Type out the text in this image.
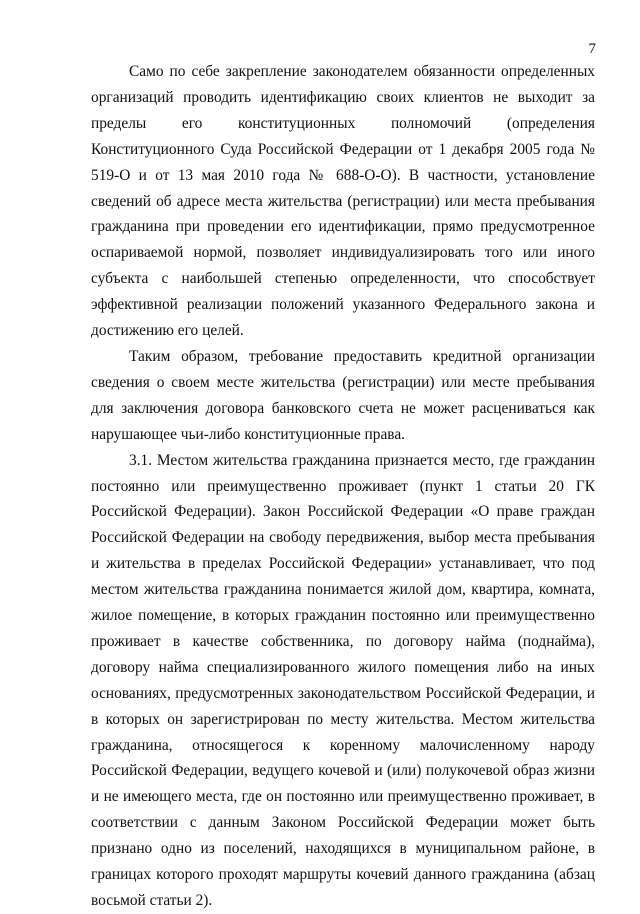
7

Само по себе закрепление законодателем обязанности определенных организаций проводить идентификацию своих клиентов не выходит за пределы его конституционных полномочий (определения Конституционного Суда Российской Федерации от 1 декабря 2005 года № 519-О и от 13 мая 2010 года № 688-О-О). В частности, установление сведений об адресе места жительства (регистрации) или места пребывания гражданина при проведении его идентификации, прямо предусмотренное оспариваемой нормой, позволяет индивидуализировать того или иного субъекта с наибольшей степенью определенности, что способствует эффективной реализации положений указанного Федерального закона и достижению его целей.

Таким образом, требование предоставить кредитной организации сведения о своем месте жительства (регистрации) или месте пребывания для заключения договора банковского счета не может расцениваться как нарушающее чьи-либо конституционные права.

3.1. Местом жительства гражданина признается место, где гражданин постоянно или преимущественно проживает (пункт 1 статьи 20 ГК Российской Федерации). Закон Российской Федерации «О праве граждан Российской Федерации на свободу передвижения, выбор места пребывания и жительства в пределах Российской Федерации» устанавливает, что под местом жительства гражданина понимается жилой дом, квартира, комната, жилое помещение, в которых гражданин постоянно или преимущественно проживает в качестве собственника, по договору найма (поднайма), договору найма специализированного жилого помещения либо на иных основаниях, предусмотренных законодательством Российской Федерации, и в которых он зарегистрирован по месту жительства. Местом жительства гражданина, относящегося к коренному малочисленному народу Российской Федерации, ведущего кочевой и (или) полукочевой образ жизни и не имеющего места, где он постоянно или преимущественно проживает, в соответствии с данным Законом Российской Федерации может быть признано одно из поселений, находящихся в муниципальном районе, в границах которого проходят маршруты кочевий данного гражданина (абзац восьмой статьи 2).
